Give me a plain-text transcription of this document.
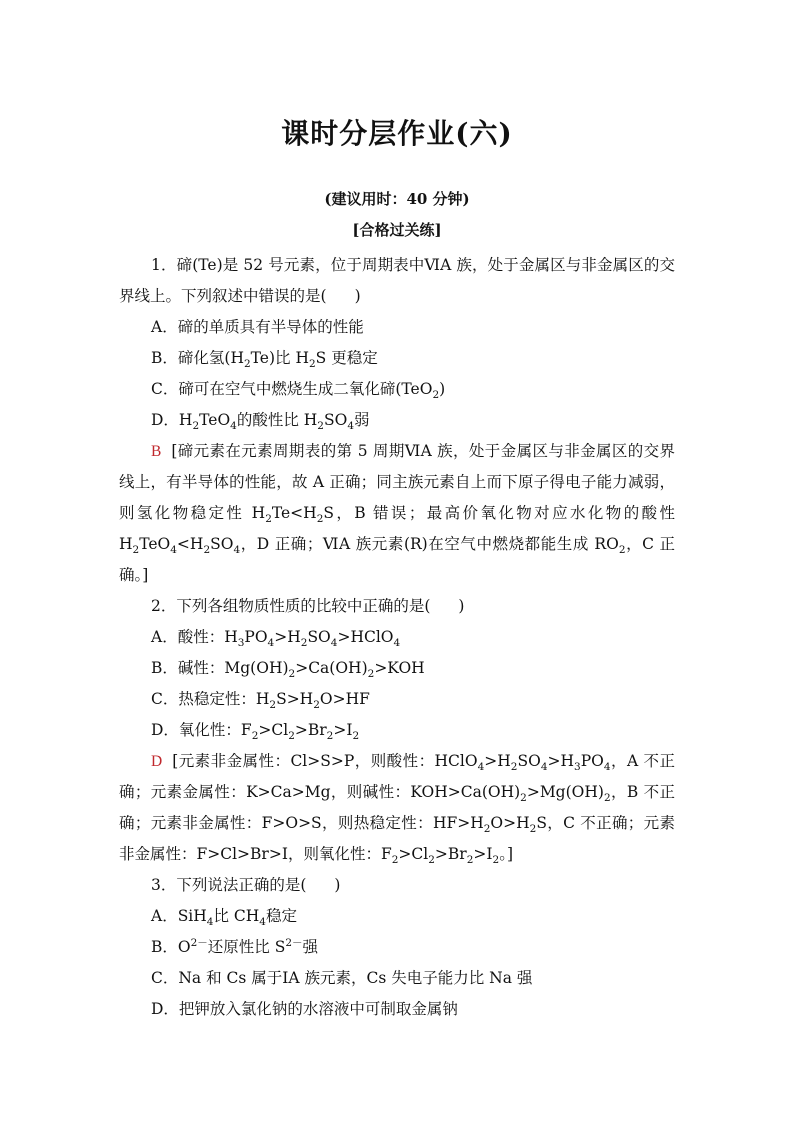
课时分层作业(六)
(建议用时：40 分钟)
[合格过关练]

1．碲(Te)是 52 号元素，位于周期表中ⅥA 族，处于金属区与非金属区的交界线上。下列叙述中错误的是( )

A．碲的单质具有半导体的性能

B．碲化氢$(H_2Te)$比 $H_2S$ 更稳定

C．碲可在空气中燃烧生成二氧化碲(TeO$_2$)

D．$H_2TeO_4$的酸性比 $H_2SO_4$弱

B [碲元素在元素周期表的第 5 周期ⅥA 族，处于金属区与非金属区的交界线上，有半导体的性能，故 A 正确；同主族元素自上而下原子得电子能力减弱，则氢化物稳定性 $H_2Te<H_2S$，B 错误；最高价氧化物对应水化物的酸性 $H_2TeO_4<H_2SO_4$，D 正确；ⅥA 族元素(R)在空气中燃烧都能生成 $RO_2$，C 正确。]

2．下列各组物质性质的比较中正确的是( )

A．酸性：$H_3PO_4>H_2SO_4>HClO_4$

B．碱性：$Mg(OH)_2>Ca(OH)_2>KOH$

C．热稳定性：$H_2S>H_2O>HF$

D．氧化性：$F_2>Cl_2>Br_2>I_2$

D [元素非金属性：Cl>S>P，则酸性：$HClO_4>H_2SO_4>H_3PO_4$，A 不正确；元素金属性：K>Ca>Mg，则碱性：$KOH>Ca(OH)_2>Mg(OH)_2$，B 不正确；元素非金属性：F>O>S，则热稳定性：$HF>H_2O>H_2S$，C 不正确；元素非金属性：F>Cl>Br>I，则氧化性：$F_2>Cl_2>Br_2>I_2$。]

3．下列说法正确的是( )

A．SiH$_4$比 $CH_4$稳定

B．$O^{2-}$还原性比 $S^{2-}$强

C．Na 和 Cs 属于ⅠA 族元素，Cs 失电子能力比 Na 强

D．把钾放入氯化钠的水溶液中可制取金属钠
